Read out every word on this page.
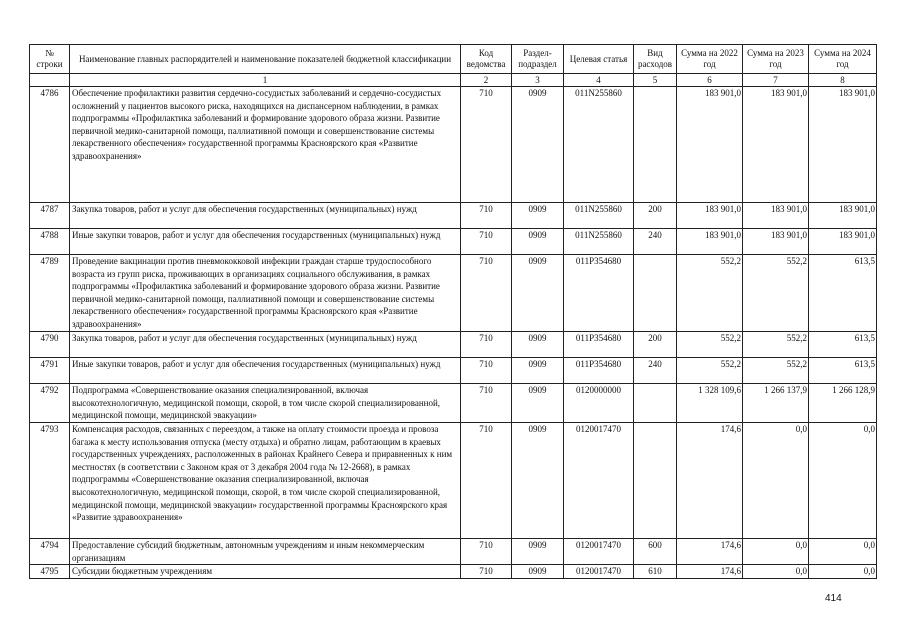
№ строки	Наименование главных распорядителей и наименование показателей бюджетной классификации	Код ведомства	Раздел-подраздел	Целевая статья	Вид расходов	Сумма на 2022 год	Сумма на 2023 год	Сумма на 2024 год
	1	2	3	4	5	6	7	8
4786	Обеспечение профилактики развития сердечно-сосудистых заболеваний и сердечно-сосудистых осложнений у пациентов высокого риска, находящихся на диспансерном наблюдении, в рамках подпрограммы «Профилактика заболеваний и формирование здорового образа жизни. Развитие первичной медико-санитарной помощи, паллиативной помощи и совершенствование системы лекарственного обеспечения» государственной программы Красноярского края «Развитие здравоохранения»	710	0909	011N255860		183 901,0	183 901,0	183 901,0
4787	Закупка товаров, работ и услуг для обеспечения государственных (муниципальных) нужд	710	0909	011N255860	200	183 901,0	183 901,0	183 901,0
4788	Иные закупки товаров, работ и услуг для обеспечения государственных (муниципальных) нужд	710	0909	011N255860	240	183 901,0	183 901,0	183 901,0
4789	Проведение вакцинации против пневмококковой инфекции граждан старше трудоспособного возраста из групп риска, проживающих в организациях социального обслуживания, в рамках подпрограммы «Профилактика заболеваний и формирование здорового образа жизни. Развитие первичной медико-санитарной помощи, паллиативной помощи и совершенствование системы лекарственного обеспечения» государственной программы Красноярского края «Развитие здравоохранения»	710	0909	011P354680		552,2	552,2	613,5
4790	Закупка товаров, работ и услуг для обеспечения государственных (муниципальных) нужд	710	0909	011P354680	200	552,2	552,2	613,5
4791	Иные закупки товаров, работ и услуг для обеспечения государственных (муниципальных) нужд	710	0909	011P354680	240	552,2	552,2	613,5
4792	Подпрограмма «Совершенствование оказания специализированной, включая высокотехнологичную, медицинской помощи, скорой, в том числе скорой специализированной, медицинской помощи, медицинской эвакуации»	710	0909	0120000000		1 328 109,6	1 266 137,9	1 266 128,9
4793	Компенсация расходов, связанных с переездом, а также на оплату стоимости проезда и провоза багажа к месту использования отпуска (месту отдыха) и обратно лицам, работающим в краевых государственных учреждениях, расположенных в районах Крайнего Севера и приравненных к ним местностях (в соответствии с Законом края от 3 декабря 2004 года № 12-2668), в рамках подпрограммы «Совершенствование оказания специализированной, включая высокотехнологичную, медицинской помощи, скорой, в том числе скорой специализированной, медицинской помощи, медицинской эвакуации» государственной программы Красноярского края «Развитие здравоохранения»	710	0909	0120017470		174,6	0,0	0,0
4794	Предоставление субсидий бюджетным, автономным учреждениям и иным некоммерческим организациям	710	0909	0120017470	600	174,6	0,0	0,0
4795	Субсидии бюджетным учреждениям	710	0909	0120017470	610	174,6	0,0	0,0
414
